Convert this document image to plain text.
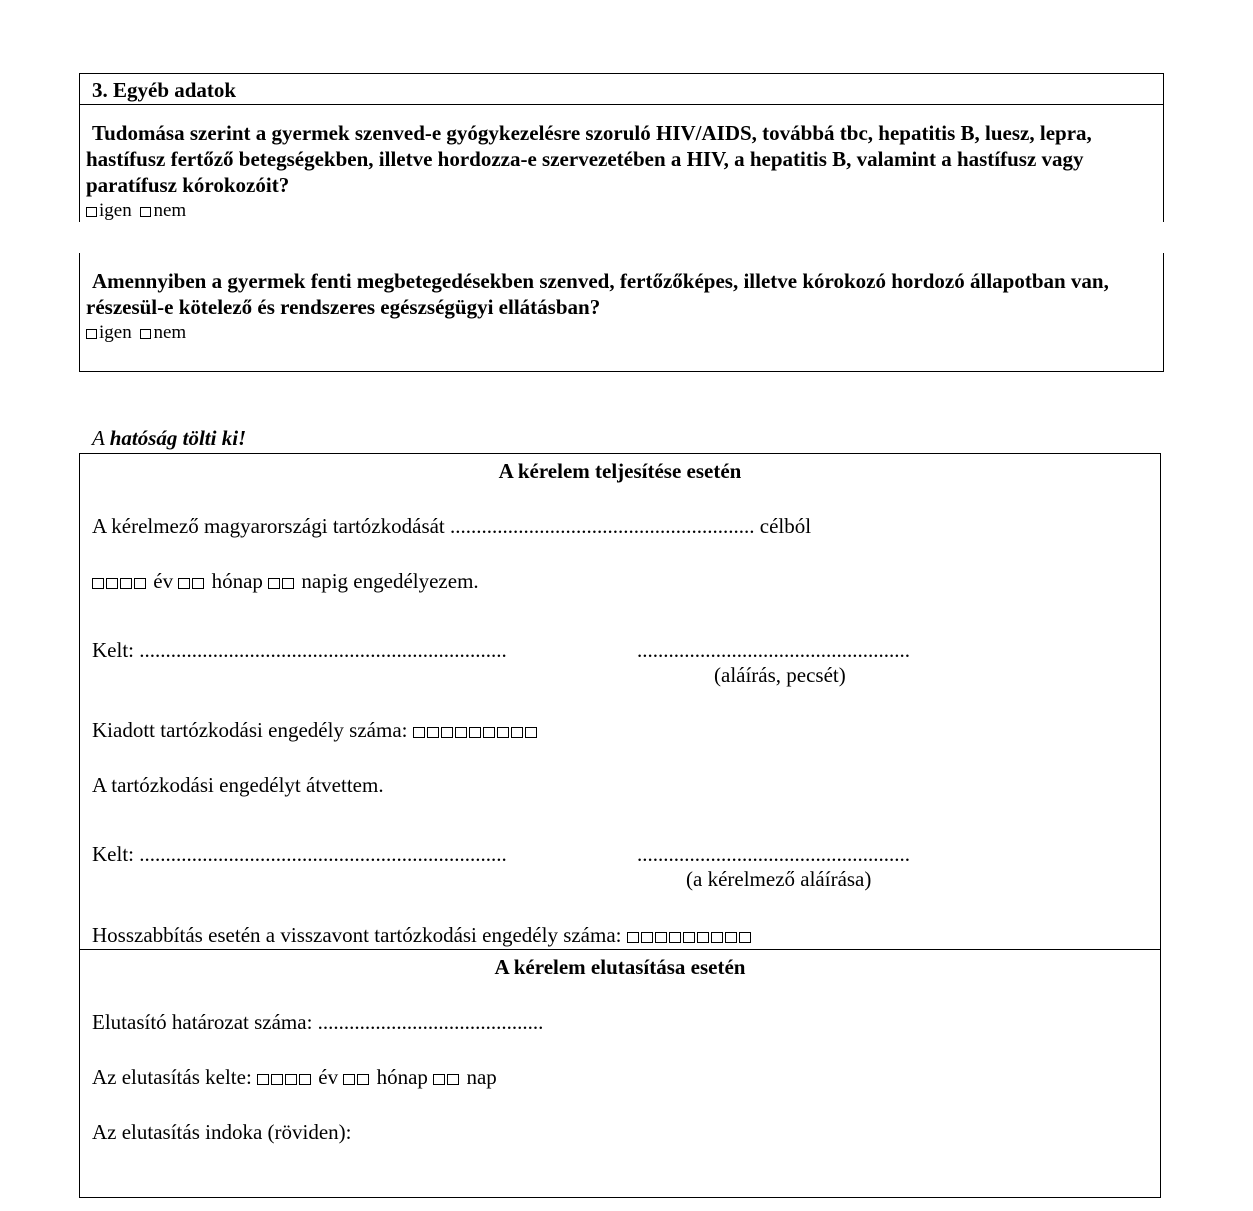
3. Egyéb adatok
Tudomása szerint a gyermek szenved-e gyógykezelésre szoruló HIV/AIDS, továbbá tbc, hepatitis B, luesz, lepra, hastífusz fertőző betegségekben, illetve hordozza-e szervezetében a HIV, a hepatitis B, valamint a hastífusz vagy paratífusz kórokozóit?
igen nem
Amennyiben a gyermek fenti megbetegedésekben szenved, fertőzőképes, illetve kórokozó hordozó állapotban van, részesül-e kötelező és rendszeres egészségügyi ellátásban?
igen nem
A hatóság tölti ki!
A kérelem teljesítése esetén
A kérelmező magyarországi tartózkodását .......................................................... célból
év hónap napig engedélyezem.
Kelt: ......................................................................	....................................................
(aláírás, pecsét)
Kiadott tartózkodási engedély száma:
A tartózkodási engedélyt átvettem.
Kelt: ......................................................................	....................................................
(a kérelmező aláírása)
Hosszabbítás esetén a visszavont tartózkodási engedély száma:
A kérelem elutasítása esetén
Elutasító határozat száma: ...........................................
Az elutasítás kelte:	év hónap nap
Az elutasítás indoka (röviden):
